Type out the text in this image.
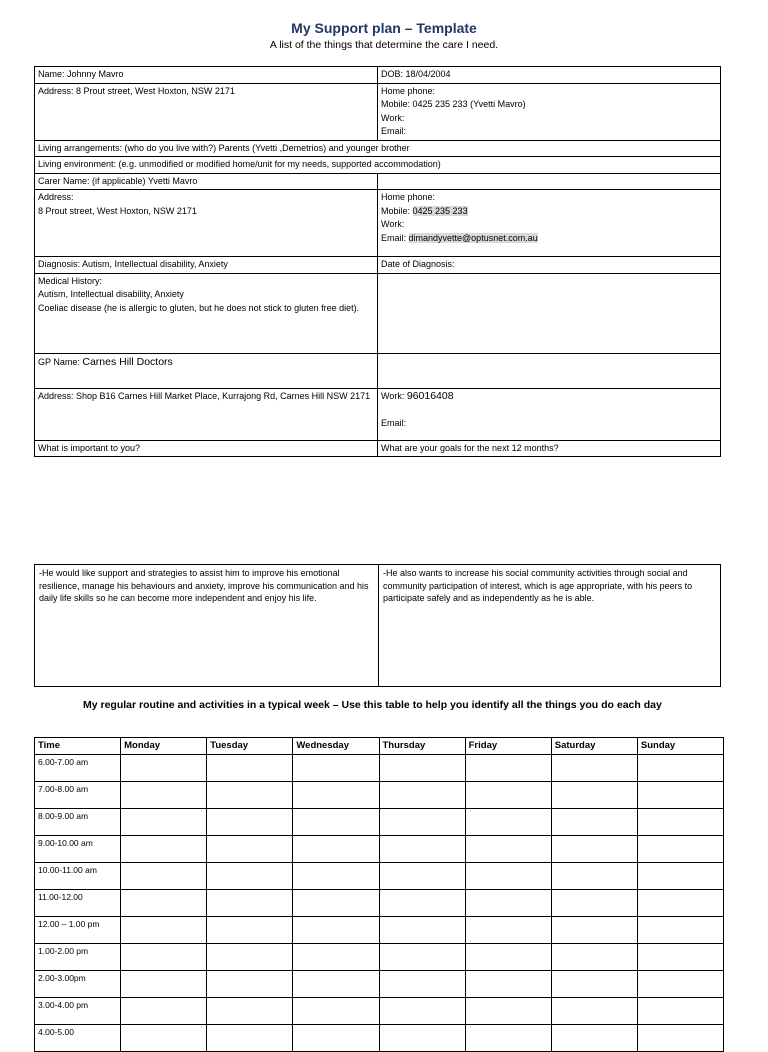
My Support plan – Template
A list of the things that determine the care I need.
Name: Johnny Mavro	DOB: 18/04/2004
Address: 8 Prout street, West Hoxton, NSW 2171	Home phone:
Mobile: 0425 235 233 (Yvetti Mavro)
Work:
Email:

Living arrangements: (who do you live with?) Parents (Yvetti ,Demetrios) and younger brother	
Living environment: (e.g. unmodified or modified home/unit for my needs, supported accommodation)	
Carer Name: (if applicable) Yvetti Mavro	

Address:
8 Prout street, West Hoxton, NSW 2171	Home phone:
Mobile: 0425 235 233
Work:
Email: dimandyvette@optusnet.com.au

Diagnosis: Autism, Intellectual disability, Anxiety	Date of Diagnosis:

Medical History:
Autism, Intellectual disability, Anxiety
Coeliac disease (he is allergic to gluten, but he does not stick to gluten free diet).	

GP Name: Carnes Hill Doctors	
Address: Shop B16 Carnes Hill Market Place, Kurrajong Rd, Carnes Hill NSW 2171	Work: 96016408
Email:

What is important to you?	What are your goals for the next 12 months?
-He would like support and strategies to assist him to improve his emotional resilience, manage his behaviours and anxiety, improve his communication and his daily life skills so he can become more independent and enjoy his life.	-He also wants to increase his social community activities through social and community participation of interest, which is age appropriate, with his peers to participate safely and as independently as he is able.
My regular routine and activities in a typical week – Use this table to help you identify all the things you do each day
Time	Monday	Tuesday	Wednesday	Thursday	Friday	Saturday	Sunday
6.00-7.00 am							
7.00-8.00 am							
8.00-9.00 am							
9.00-10.00 am							
10.00-11.00 am							
11.00-12.00							
12.00 – 1.00 pm							
1.00-2.00 pm							
2.00-3.00pm							
3.00-4.00 pm							
4.00-5.00							
